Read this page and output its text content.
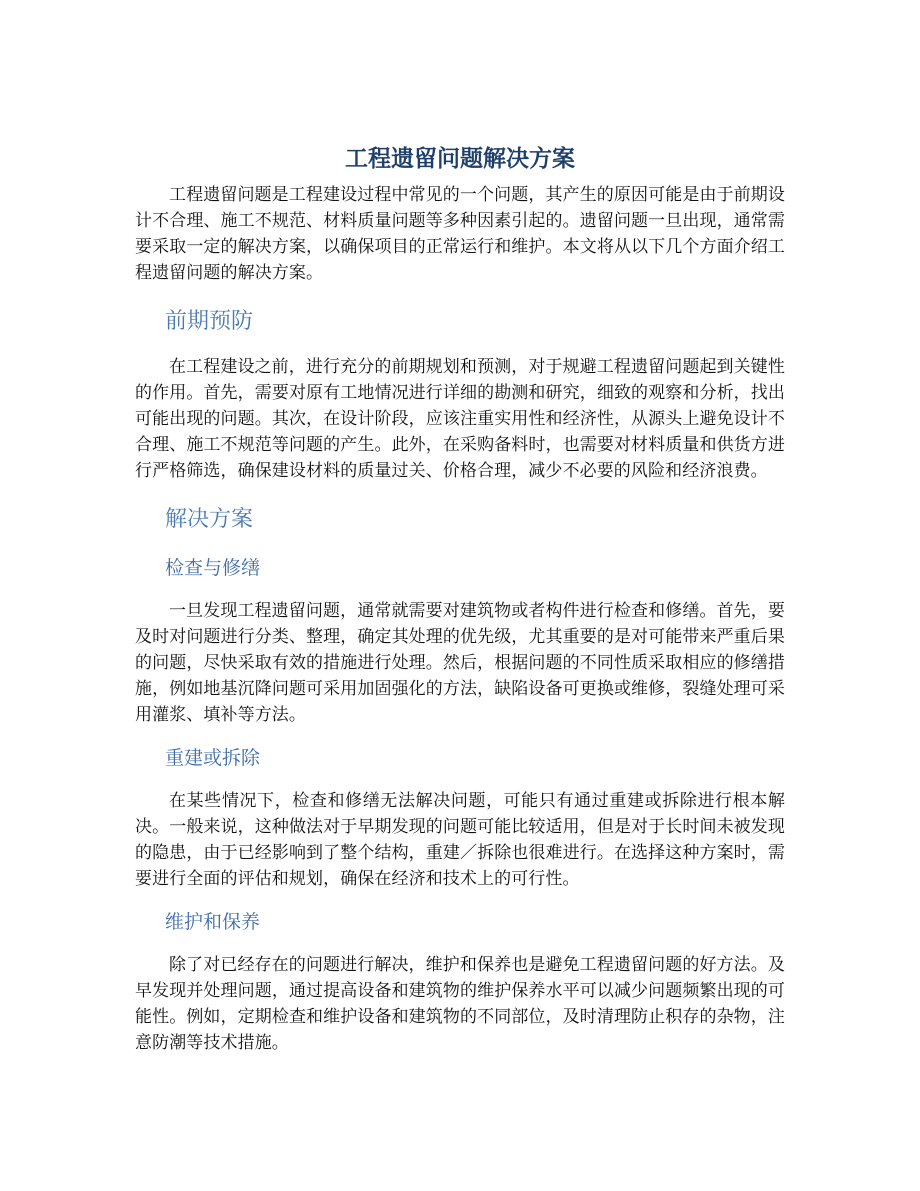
工程遗留问题解决方案

工程遗留问题是工程建设过程中常见的一个问题，其产生的原因可能是由于前期设计不合理、施工不规范、材料质量问题等多种因素引起的。遗留问题一旦出现，通常需要采取一定的解决方案，以确保项目的正常运行和维护。本文将从以下几个方面介绍工程遗留问题的解决方案。

前期预防

在工程建设之前，进行充分的前期规划和预测，对于规避工程遗留问题起到关键性的作用。首先，需要对原有工地情况进行详细的勘测和研究，细致的观察和分析，找出可能出现的问题。其次，在设计阶段，应该注重实用性和经济性，从源头上避免设计不合理、施工不规范等问题的产生。此外，在采购备料时，也需要对材料质量和供货方进行严格筛选，确保建设材料的质量过关、价格合理，减少不必要的风险和经济浪费。

解决方案
检查与修缮

一旦发现工程遗留问题，通常就需要对建筑物或者构件进行检查和修缮。首先，要及时对问题进行分类、整理，确定其处理的优先级，尤其重要的是对可能带来严重后果的问题，尽快采取有效的措施进行处理。然后，根据问题的不同性质采取相应的修缮措施，例如地基沉降问题可采用加固强化的方法，缺陷设备可更换或维修，裂缝处理可采用灌浆、填补等方法。

重建或拆除

在某些情况下，检查和修缮无法解决问题，可能只有通过重建或拆除进行根本解决。一般来说，这种做法对于早期发现的问题可能比较适用，但是对于长时间未被发现的隐患，由于已经影响到了整个结构，重建／拆除也很难进行。在选择这种方案时，需要进行全面的评估和规划，确保在经济和技术上的可行性。

维护和保养

除了对已经存在的问题进行解决，维护和保养也是避免工程遗留问题的好方法。及早发现并处理问题，通过提高设备和建筑物的维护保养水平可以减少问题频繁出现的可能性。例如，定期检查和维护设备和建筑物的不同部位，及时清理防止积存的杂物，注意防潮等技术措施。
